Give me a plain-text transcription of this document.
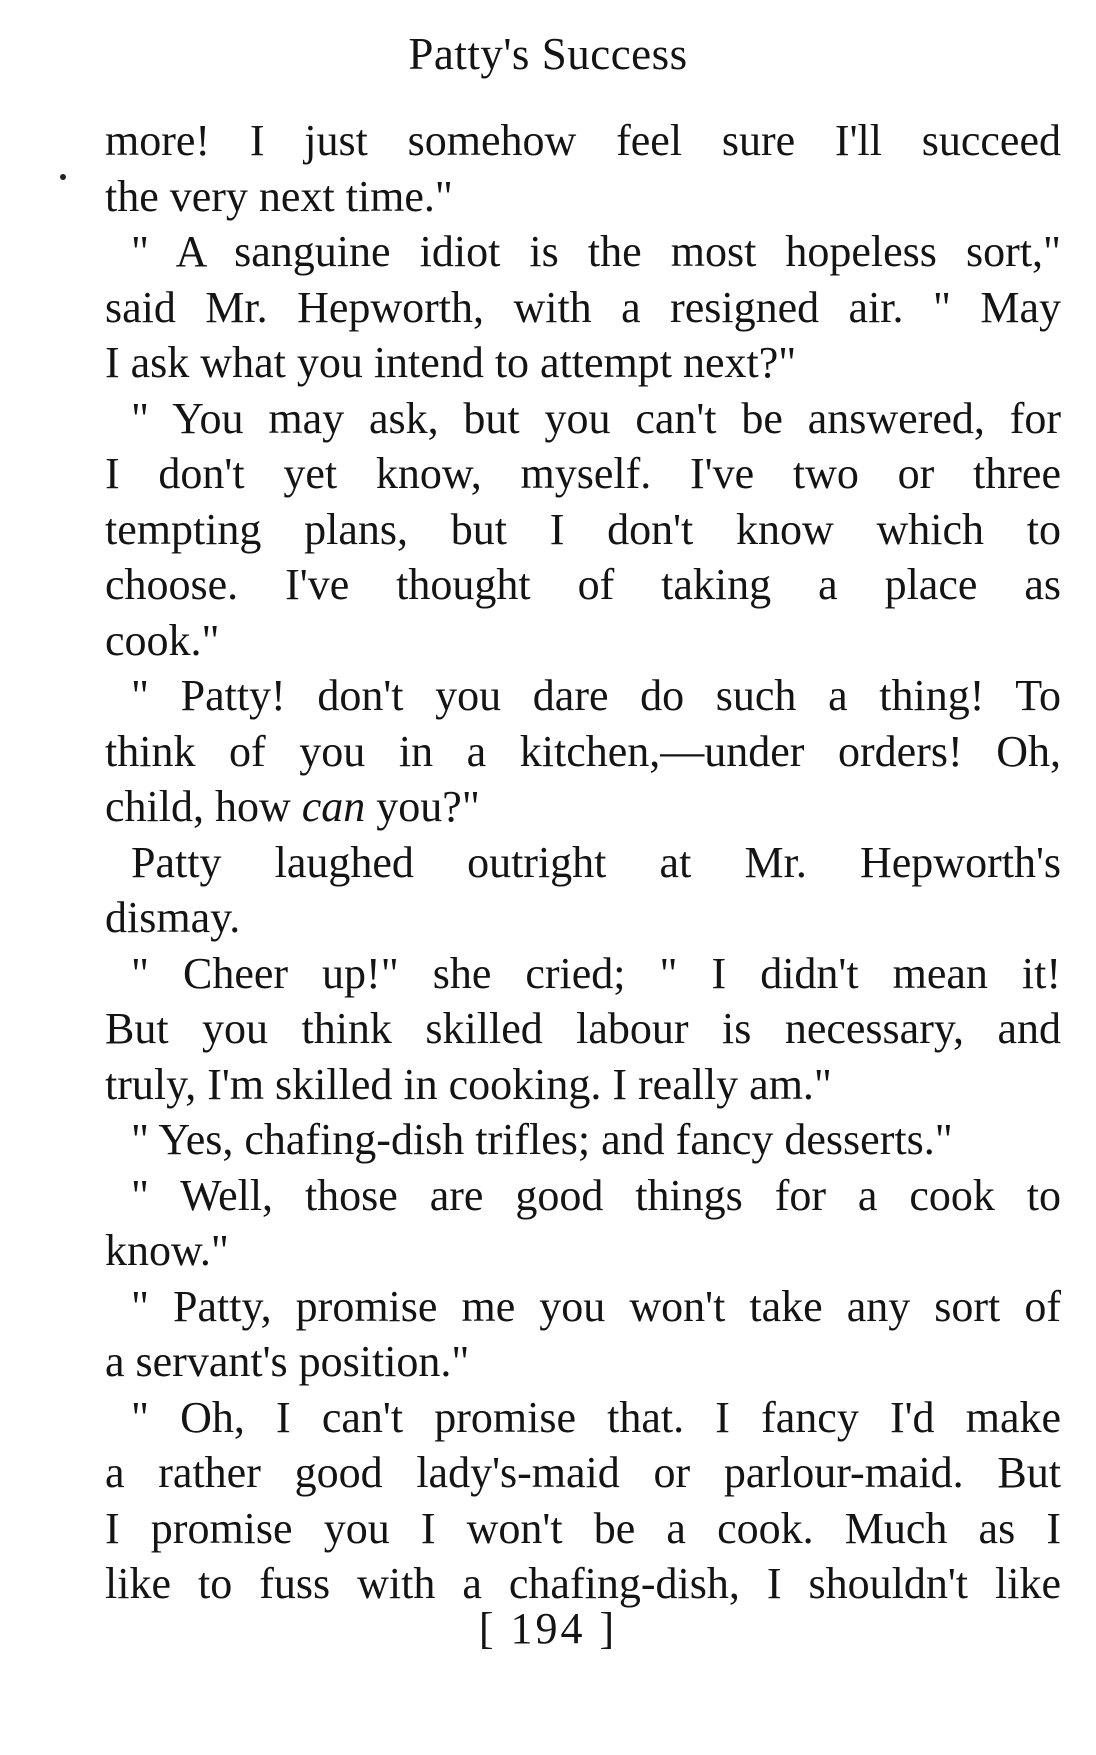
Patty's Success
more! I just somehow feel sure I'll succeed
the very next time."
" A sanguine idiot is the most hopeless sort,"
said Mr. Hepworth, with a resigned air. " May
I ask what you intend to attempt next?"
" You may ask, but you can't be answered, for
I don't yet know, myself. I've two or three
tempting plans, but I don't know which to
choose. I've thought of taking a place as
cook."
" Patty! don't you dare do such a thing! To
think of you in a kitchen,—under orders! Oh,
child, how can you?"
Patty laughed outright at Mr. Hepworth's
dismay.
" Cheer up!" she cried; " I didn't mean it!
But you think skilled labour is necessary, and
truly, I'm skilled in cooking. I really am."
" Yes, chafing-dish trifles; and fancy desserts."
" Well, those are good things for a cook to
know."
" Patty, promise me you won't take any sort of
a servant's position."
" Oh, I can't promise that. I fancy I'd make
a rather good lady's-maid or parlour-maid. But
I promise you I won't be a cook. Much as I
like to fuss with a chafing-dish, I shouldn't like
[ 194 ]
